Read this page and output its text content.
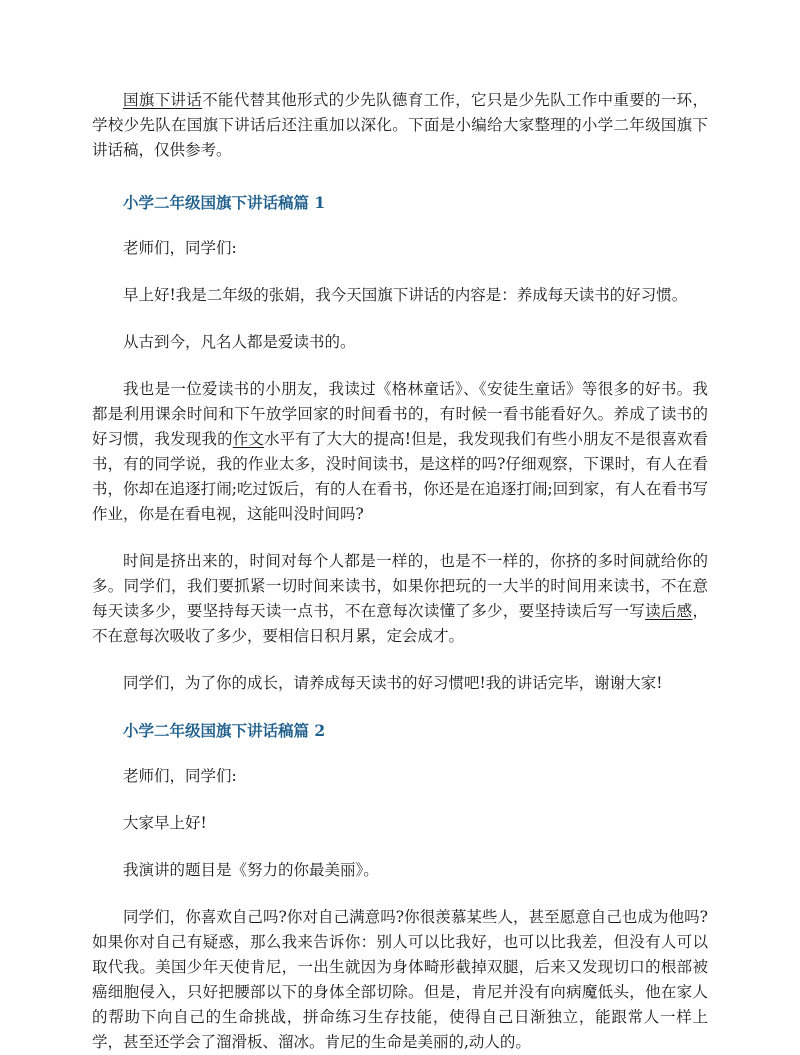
国旗下讲话不能代替其他形式的少先队德育工作，它只是少先队工作中重要的一环，学校少先队在国旗下讲话后还注重加以深化。下面是小编给大家整理的小学二年级国旗下讲话稿，仅供参考。

小学二年级国旗下讲话稿篇 1

老师们，同学们:

早上好!我是二年级的张娟，我今天国旗下讲话的内容是：养成每天读书的好习惯。

从古到今，凡名人都是爱读书的。

我也是一位爱读书的小朋友，我读过《格林童话》、《安徒生童话》等很多的好书。我都是利用课余时间和下午放学回家的时间看书的，有时候一看书能看好久。养成了读书的好习惯，我发现我的作文水平有了大大的提高!但是，我发现我们有些小朋友不是很喜欢看书，有的同学说，我的作业太多，没时间读书，是这样的吗?仔细观察，下课时，有人在看书，你却在追逐打闹;吃过饭后，有的人在看书，你还是在追逐打闹;回到家，有人在看书写作业，你是在看电视，这能叫没时间吗?

时间是挤出来的，时间对每个人都是一样的，也是不一样的，你挤的多时间就给你的多。同学们，我们要抓紧一切时间来读书，如果你把玩的一大半的时间用来读书，不在意每天读多少，要坚持每天读一点书，不在意每次读懂了多少，要坚持读后写一写读后感，不在意每次吸收了多少，要相信日积月累，定会成才。

同学们，为了你的成长，请养成每天读书的好习惯吧!我的讲话完毕，谢谢大家!

小学二年级国旗下讲话稿篇 2

老师们，同学们:

大家早上好!

我演讲的题目是《努力的你最美丽》。

同学们，你喜欢自己吗?你对自己满意吗?你很羡慕某些人，甚至愿意自己也成为他吗?如果你对自己有疑惑，那么我来告诉你：别人可以比我好，也可以比我差，但没有人可以取代我。美国少年天使肯尼，一出生就因为身体畸形截掉双腿，后来又发现切口的根部被癌细胞侵入，只好把腰部以下的身体全部切除。但是，肯尼并没有向病魔低头，他在家人的帮助下向自己的生命挑战，拼命练习生存技能，使得自己日渐独立，能跟常人一样上学，甚至还学会了溜滑板、溜冰。肯尼的生命是美丽的,动人的。
